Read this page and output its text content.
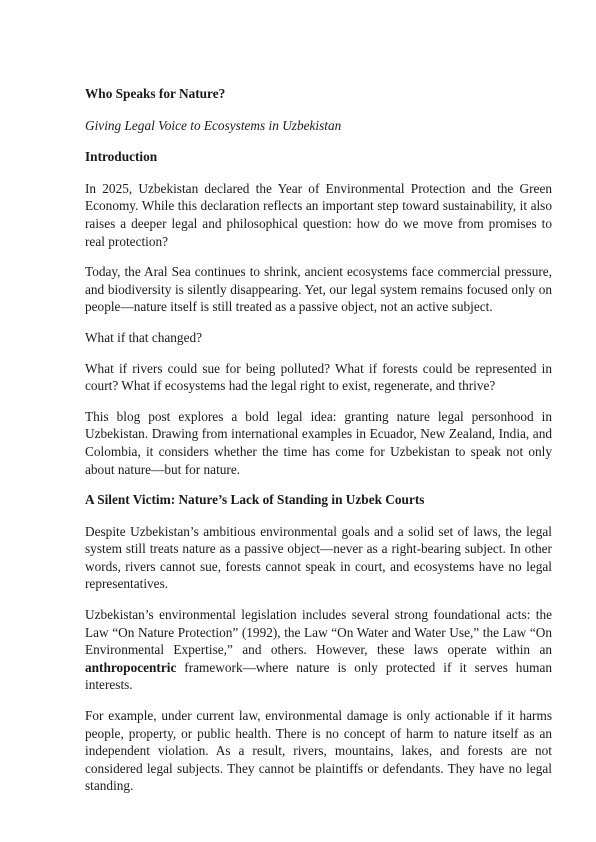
Who Speaks for Nature?

Giving Legal Voice to Ecosystems in Uzbekistan

Introduction

In 2025, Uzbekistan declared the Year of Environmental Protection and the Green Economy. While this declaration reflects an important step toward sustainability, it also raises a deeper legal and philosophical question: how do we move from promises to real protection?

Today, the Aral Sea continues to shrink, ancient ecosystems face commercial pressure, and biodiversity is silently disappearing. Yet, our legal system remains focused only on people—nature itself is still treated as a passive object, not an active subject.

What if that changed?

What if rivers could sue for being polluted? What if forests could be represented in court? What if ecosystems had the legal right to exist, regenerate, and thrive?

This blog post explores a bold legal idea: granting nature legal personhood in Uzbekistan. Drawing from international examples in Ecuador, New Zealand, India, and Colombia, it considers whether the time has come for Uzbekistan to speak not only about nature—but for nature.

A Silent Victim: Nature’s Lack of Standing in Uzbek Courts

Despite Uzbekistan’s ambitious environmental goals and a solid set of laws, the legal system still treats nature as a passive object—never as a right-bearing subject. In other words, rivers cannot sue, forests cannot speak in court, and ecosystems have no legal representatives.

Uzbekistan’s environmental legislation includes several strong foundational acts: the Law “On Nature Protection” (1992), the Law “On Water and Water Use,” the Law “On Environmental Expertise,” and others. However, these laws operate within an anthropocentric framework—where nature is only protected if it serves human interests.

For example, under current law, environmental damage is only actionable if it harms people, property, or public health. There is no concept of harm to nature itself as an independent violation. As a result, rivers, mountains, lakes, and forests are not considered legal subjects. They cannot be plaintiffs or defendants. They have no legal standing.
